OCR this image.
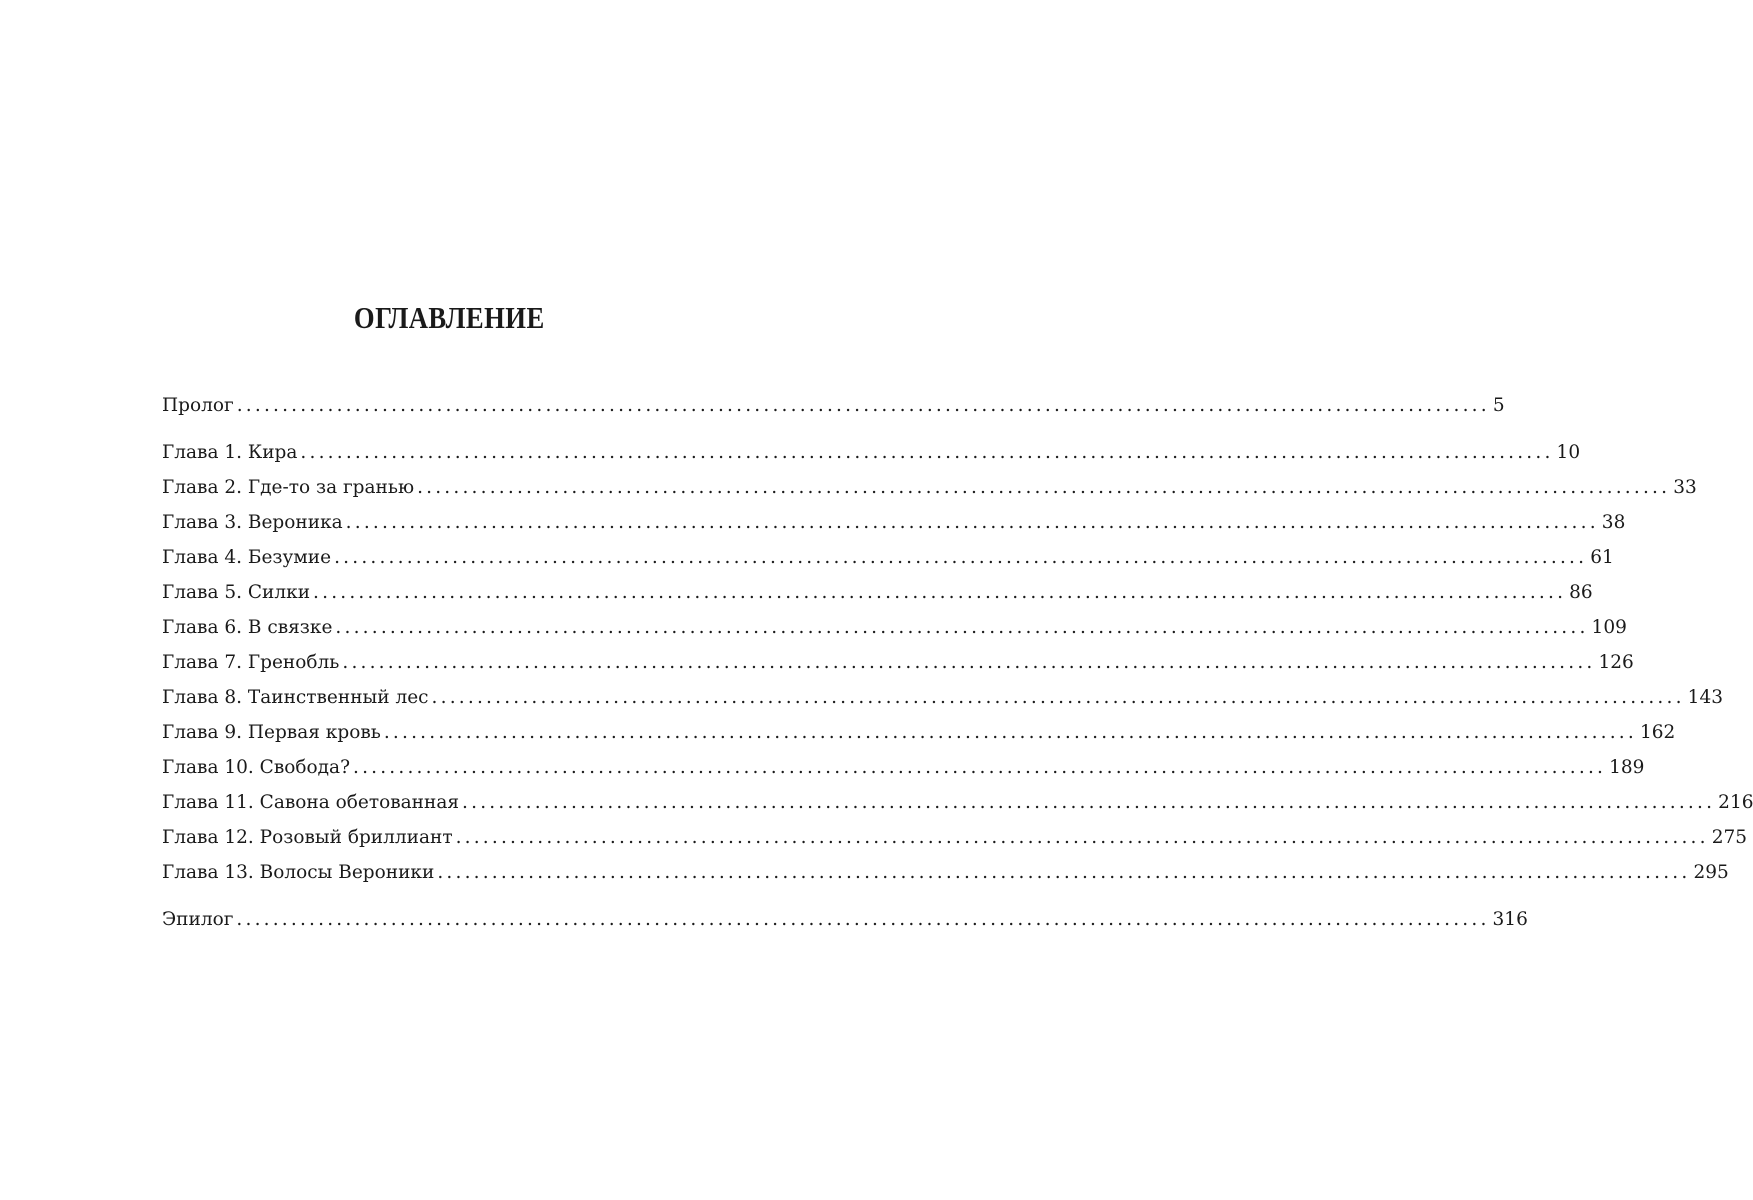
ОГЛАВЛЕНИЕ
Пролог .......................................................................................................................................... 5
Глава 1. Кира .......................................................................................................................................... 10
Глава 2. Где-то за гранью .......................................................................................................................................... 33
Глава 3. Вероника .......................................................................................................................................... 38
Глава 4. Безумие .......................................................................................................................................... 61
Глава 5. Силки .......................................................................................................................................... 86
Глава 6. В связке .......................................................................................................................................... 109
Глава 7. Гренобль .......................................................................................................................................... 126
Глава 8. Таинственный лес .......................................................................................................................................... 143
Глава 9. Первая кровь .......................................................................................................................................... 162
Глава 10. Свобода? .......................................................................................................................................... 189
Глава 11. Савона обетованная .......................................................................................................................................... 216
Глава 12. Розовый бриллиант .......................................................................................................................................... 275
Глава 13. Волосы Вероники .......................................................................................................................................... 295
Эпилог .......................................................................................................................................... 316
